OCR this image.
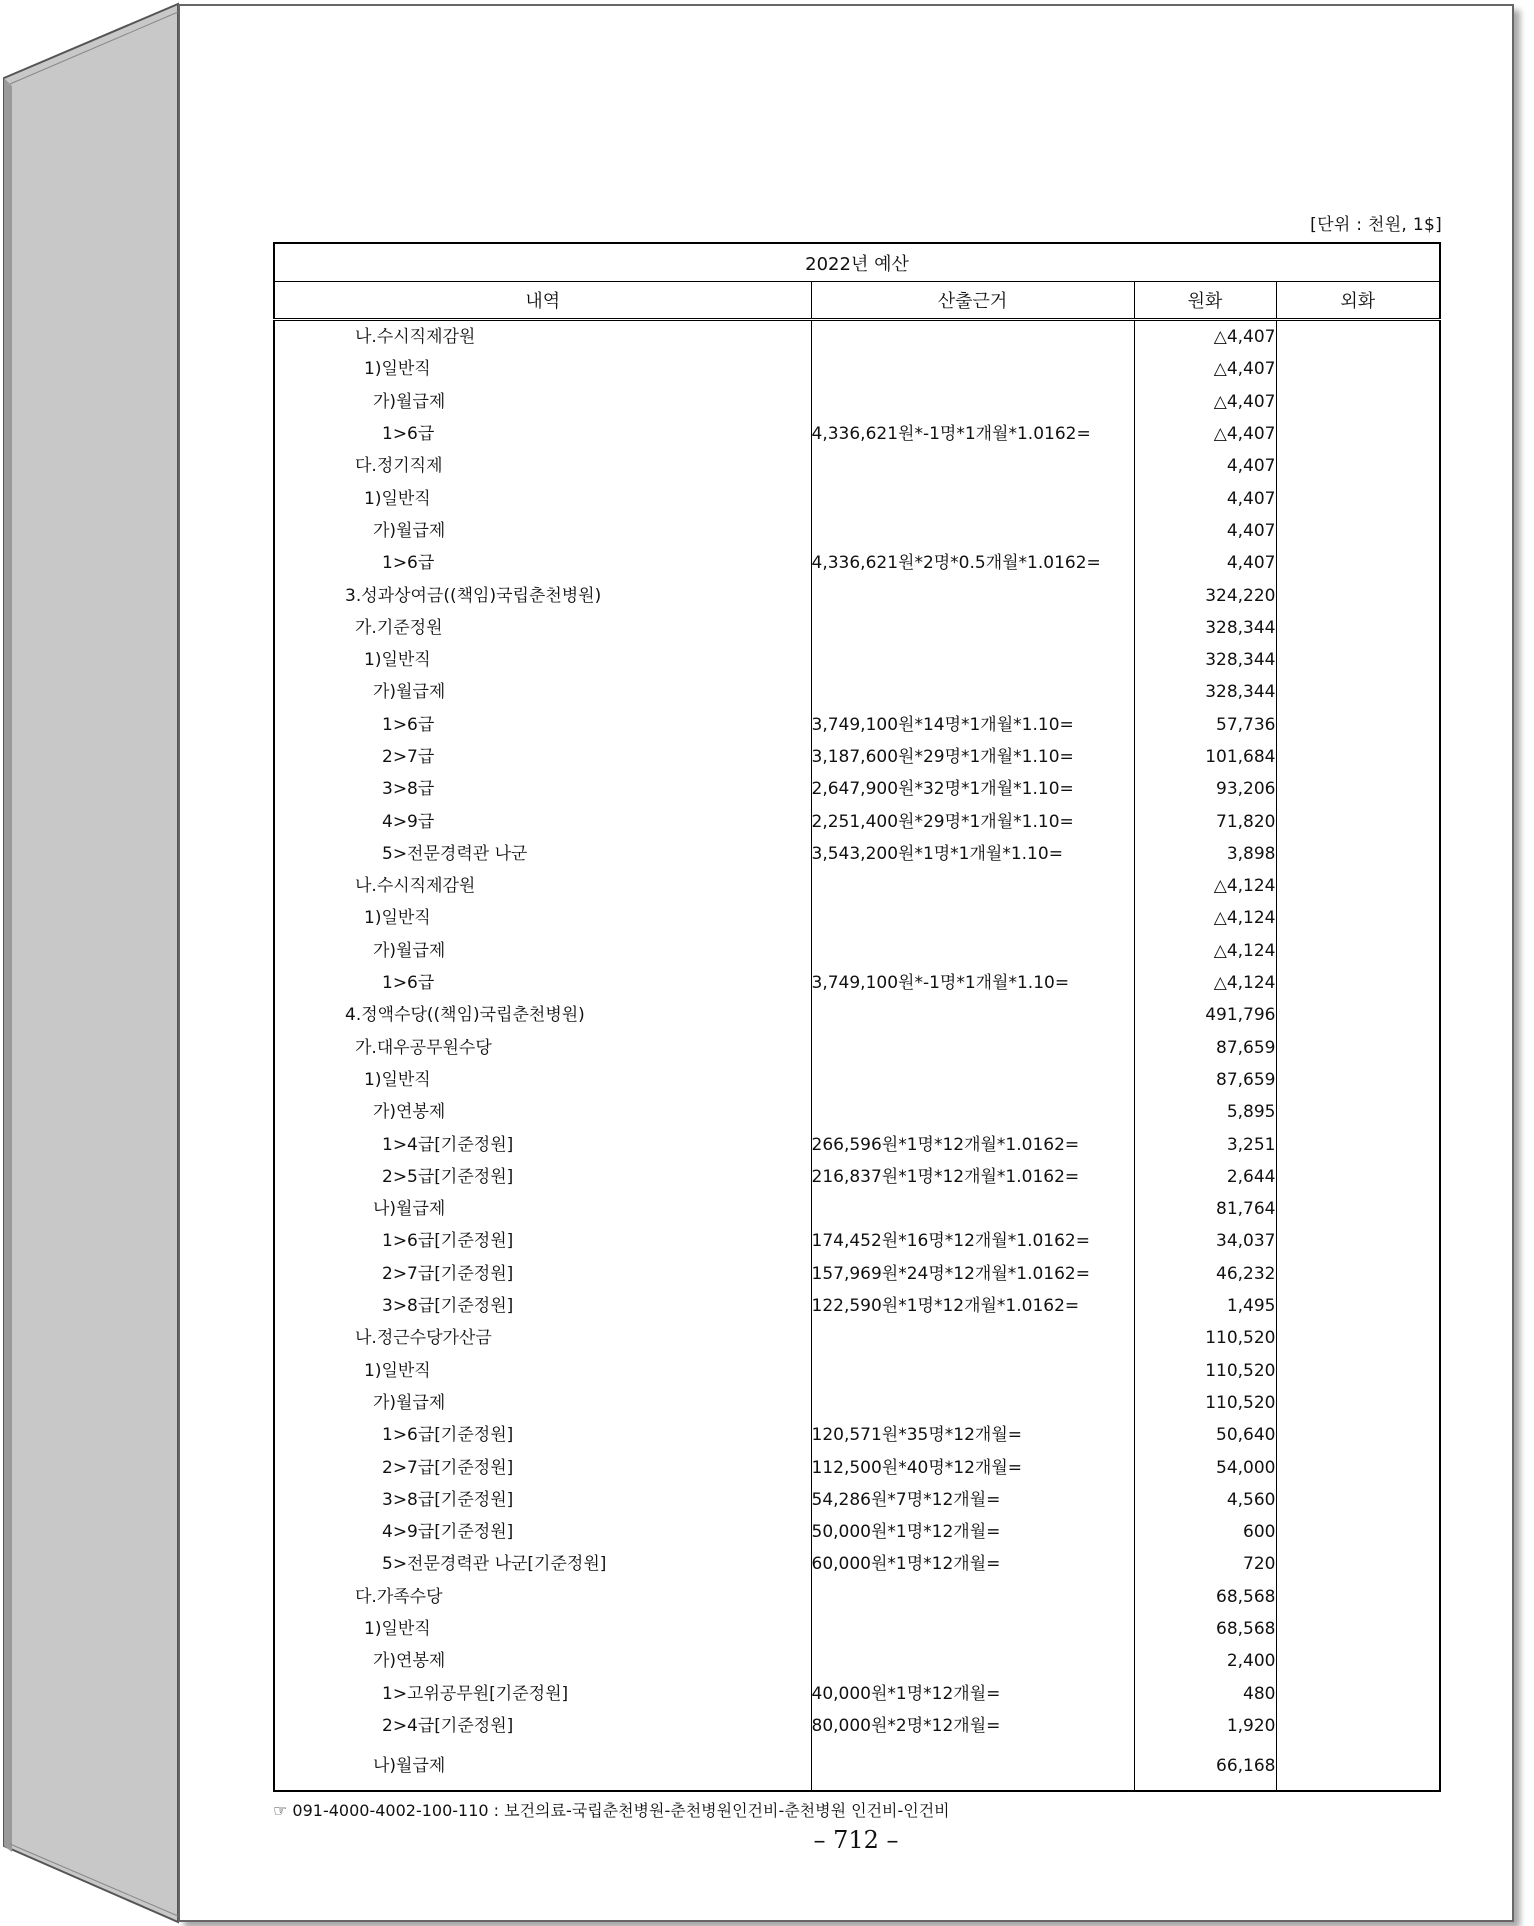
[단위 : 천원, 1$]
2022년 예산			
내역	산출근거	원화	외화
나.수시직제감원		△4,407	
1)일반직		△4,407	
가)월급제		△4,407	
1>6급	4,336,621원*-1명*1개월*1.0162=	△4,407	
다.정기직제		4,407	
1)일반직		4,407	
가)월급제		4,407	
1>6급	4,336,621원*2명*0.5개월*1.0162=	4,407	
3.성과상여금((책임)국립춘천병원)		324,220	
가.기준정원		328,344	
1)일반직		328,344	
가)월급제		328,344	
1>6급	3,749,100원*14명*1개월*1.10=	57,736	
2>7급	3,187,600원*29명*1개월*1.10=	101,684	
3>8급	2,647,900원*32명*1개월*1.10=	93,206	
4>9급	2,251,400원*29명*1개월*1.10=	71,820	
5>전문경력관 나군	3,543,200원*1명*1개월*1.10=	3,898	
나.수시직제감원		△4,124	
1)일반직		△4,124	
가)월급제		△4,124	
1>6급	3,749,100원*-1명*1개월*1.10=	△4,124	
4.정액수당((책임)국립춘천병원)		491,796	
가.대우공무원수당		87,659	
1)일반직		87,659	
가)연봉제		5,895	
1>4급[기준정원]	266,596원*1명*12개월*1.0162=	3,251	
2>5급[기준정원]	216,837원*1명*12개월*1.0162=	2,644	
나)월급제		81,764	
1>6급[기준정원]	174,452원*16명*12개월*1.0162=	34,037	
2>7급[기준정원]	157,969원*24명*12개월*1.0162=	46,232	
3>8급[기준정원]	122,590원*1명*12개월*1.0162=	1,495	
나.정근수당가산금		110,520	
1)일반직		110,520	
가)월급제		110,520	
1>6급[기준정원]	120,571원*35명*12개월=	50,640	
2>7급[기준정원]	112,500원*40명*12개월=	54,000	
3>8급[기준정원]	54,286원*7명*12개월=	4,560	
4>9급[기준정원]	50,000원*1명*12개월=	600	
5>전문경력관 나군[기준정원]	60,000원*1명*12개월=	720	
다.가족수당		68,568	
1)일반직		68,568	
가)연봉제		2,400	
1>고위공무원[기준정원]	40,000원*1명*12개월=	480	
2>4급[기준정원]	80,000원*2명*12개월=	1,920	
나)월급제		66,168	
☞ 091-4000-4002-100-110 : 보건의료-국립춘천병원-춘천병원인건비-춘천병원 인건비-인건비
– 712 –
